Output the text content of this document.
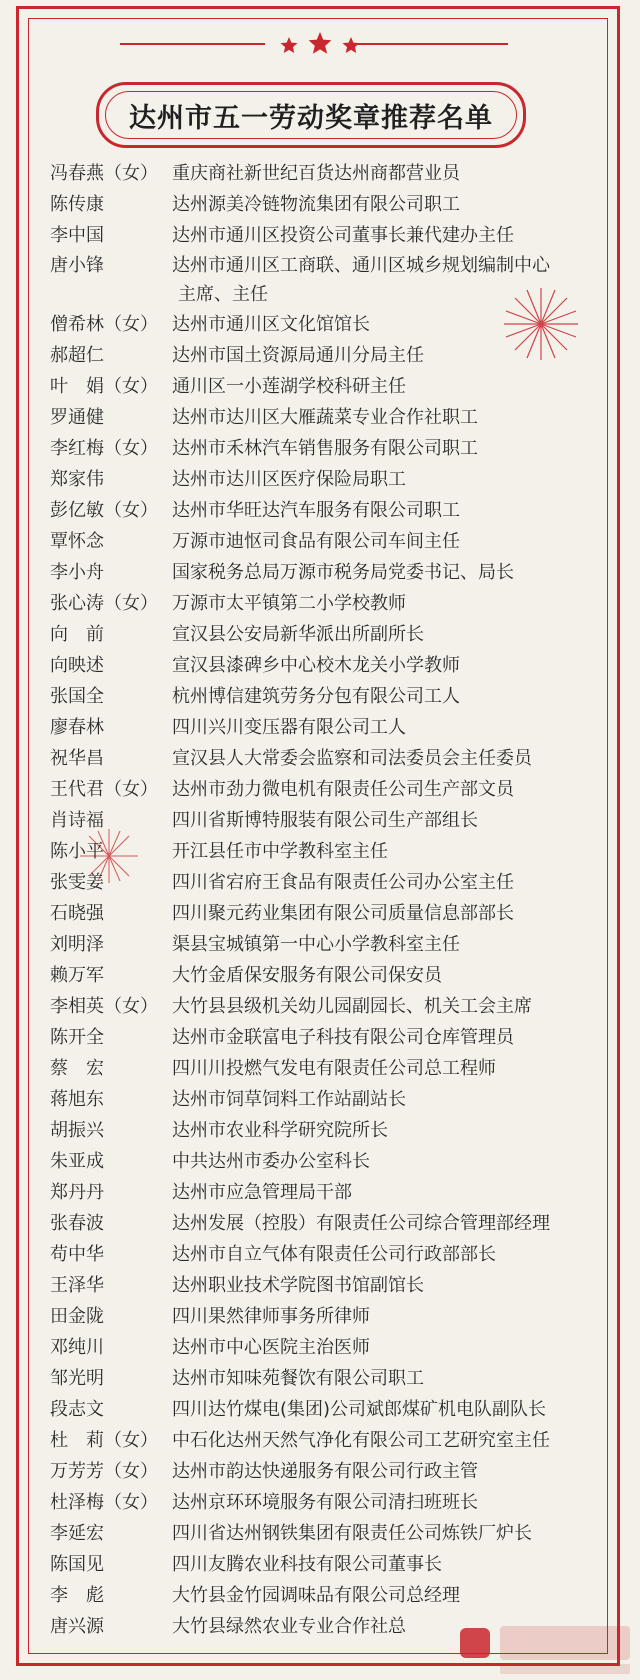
达州市五一劳动奖章推荐名单
冯春燕（女） 重庆商社新世纪百货达州商都营业员
陈传康	达州源美冷链物流集团有限公司职工
李中国	达州市通川区投资公司董事长兼代建办主任
唐小锋	达州市通川区工商联、通川区城乡规划编制中心
主席、主任
僧希林（女） 达州市通川区文化馆馆长
郝超仁	达州市国土资源局通川分局主任
叶　娟（女） 通川区一小莲湖学校科研主任
罗通健	达州市达川区大雁蔬菜专业合作社职工
李红梅（女） 达州市禾林汽车销售服务有限公司职工
郑家伟	达州市达川区医疗保险局职工
彭亿敏（女） 达州市华旺达汽车服务有限公司职工
覃怀念	万源市迪怄司食品有限公司车间主任
李小舟	国家税务总局万源市税务局党委书记、局长
张心涛（女） 万源市太平镇第二小学校教师
向　前	宣汉县公安局新华派出所副所长
向映述	宣汉县漆碑乡中心校木龙关小学教师
张国全	杭州博信建筑劳务分包有限公司工人
廖春林	四川兴川变压器有限公司工人
祝华昌	宣汉县人大常委会监察和司法委员会主任委员
王代君（女） 达州市劲力微电机有限责任公司生产部文员
肖诗福	四川省斯博特服装有限公司生产部组长
陈小平	开江县任市中学教科室主任
张雯姜	四川省宕府王食品有限责任公司办公室主任
石晓强	四川聚元药业集团有限公司质量信息部部长
刘明泽	渠县宝城镇第一中心小学教科室主任
赖万军	大竹金盾保安服务有限公司保安员
李相英（女） 大竹县县级机关幼儿园副园长、机关工会主席
陈开全	达州市金联富电子科技有限公司仓库管理员
蔡　宏	四川川投燃气发电有限责任公司总工程师
蒋旭东	达州市饲草饲料工作站副站长
胡振兴	达州市农业科学研究院所长
朱亚成	中共达州市委办公室科长
郑丹丹	达州市应急管理局干部
张春波	达州发展（控股）有限责任公司综合管理部经理
苟中华	达州市自立气体有限责任公司行政部部长
王泽华	达州职业技术学院图书馆副馆长
田金陇	四川果然律师事务所律师
邓纯川	达州市中心医院主治医师
邹光明	达州市知味苑餐饮有限公司职工
段志文	四川达竹煤电(集团)公司斌郎煤矿机电队副队长
杜　莉（女） 中石化达州天然气净化有限公司工艺研究室主任
万芳芳（女） 达州市韵达快递服务有限公司行政主管
杜泽梅（女） 达州京环环境服务有限公司清扫班班长
李延宏	四川省达州钢铁集团有限责任公司炼铁厂炉长
陈国见	四川友腾农业科技有限公司董事长
李　彪	大竹县金竹园调味品有限公司总经理
唐兴源	大竹县绿然农业专业合作社总
